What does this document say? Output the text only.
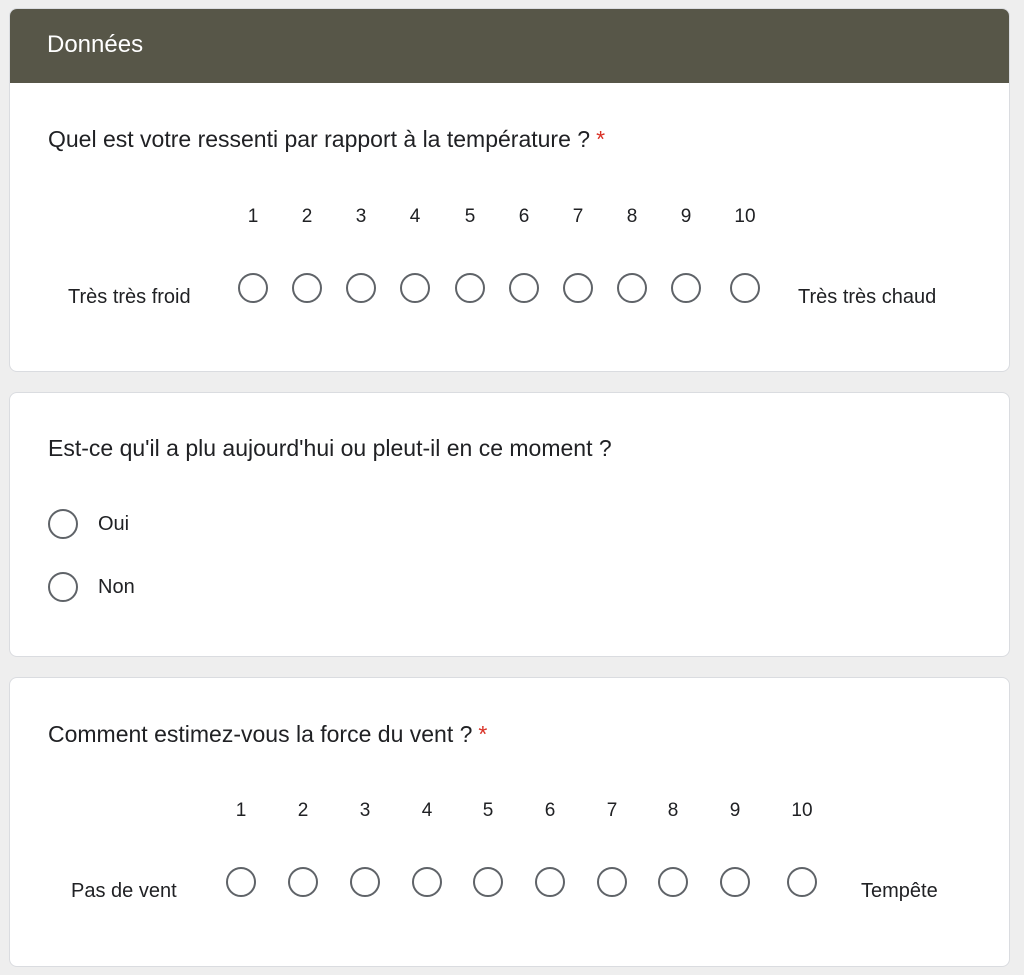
Données
Quel est votre ressenti par rapport à la température ? *
1	2	3	4	5	6	7	8	9	10
Très très froid	Très très chaud
Est-ce qu'il a plu aujourd'hui ou pleut-il en ce moment ?
Oui
Non
Comment estimez-vous la force du vent ? *
1	2	3	4	5	6	7	8	9	10
Pas de vent	Tempête
